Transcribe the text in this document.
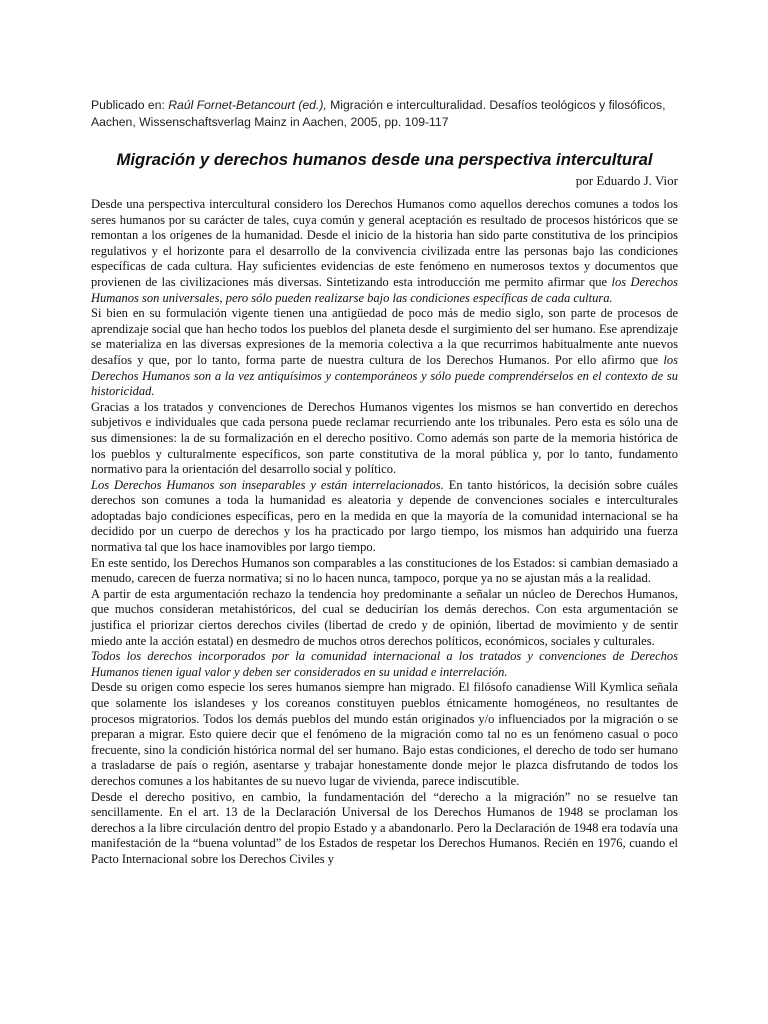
Publicado en: Raúl Fornet-Betancourt (ed.), Migración e interculturalidad. Desafíos teológicos y filosóficos, Aachen, Wissenschaftsverlag Mainz in Aachen, 2005, pp. 109-117

Migración y derechos humanos desde una perspectiva intercultural
por Eduardo J. Vior

Desde una perspectiva intercultural considero los Derechos Humanos como aquellos derechos comunes a todos los seres humanos por su carácter de tales, cuya común y general aceptación es resultado de procesos históricos que se remontan a los orígenes de la humanidad. Desde el inicio de la historia han sido parte constitutiva de los principios regulativos y el horizonte para el desarrollo de la convivencia civilizada entre las personas bajo las condiciones específicas de cada cultura. Hay suficientes evidencias de este fenómeno en numerosos textos y documentos que provienen de las civilizaciones más diversas. Sintetizando esta introducción me permito afirmar que los Derechos Humanos son universales, pero sólo pueden realizarse bajo las condiciones específicas de cada cultura.

Si bien en su formulación vigente tienen una antigüedad de poco más de medio siglo, son parte de procesos de aprendizaje social que han hecho todos los pueblos del planeta desde el surgimiento del ser humano. Ese aprendizaje se materializa en las diversas expresiones de la memoria colectiva a la que recurrimos habitualmente ante nuevos desafíos y que, por lo tanto, forma parte de nuestra cultura de los Derechos Humanos. Por ello afirmo que los Derechos Humanos son a la vez antiquísimos y contemporáneos y sólo puede comprendérselos en el contexto de su historicidad.

Gracias a los tratados y convenciones de Derechos Humanos vigentes los mismos se han convertido en derechos subjetivos e individuales que cada persona puede reclamar recurriendo ante los tribunales. Pero esta es sólo una de sus dimensiones: la de su formalización en el derecho positivo. Como además son parte de la memoria histórica de los pueblos y culturalmente específicos, son parte constitutiva de la moral pública y, por lo tanto, fundamento normativo para la orientación del desarrollo social y político.

Los Derechos Humanos son inseparables y están interrelacionados. En tanto históricos, la decisión sobre cuáles derechos son comunes a toda la humanidad es aleatoria y depende de convenciones sociales e interculturales adoptadas bajo condiciones específicas, pero en la medida en que la mayoría de la comunidad internacional se ha decidido por un cuerpo de derechos y los ha practicado por largo tiempo, los mismos han adquirido una fuerza normativa tal que los hace inamovibles por largo tiempo.

En este sentido, los Derechos Humanos son comparables a las constituciones de los Estados: si cambian demasiado a menudo, carecen de fuerza normativa; si no lo hacen nunca, tampoco, porque ya no se ajustan más a la realidad.

A partir de esta argumentación rechazo la tendencia hoy predominante a señalar un núcleo de Derechos Humanos, que muchos consideran metahistóricos, del cual se deducirían los demás derechos. Con esta argumentación se justifica el priorizar ciertos derechos civiles (libertad de credo y de opinión, libertad de movimiento y de sentir miedo ante la acción estatal) en desmedro de muchos otros derechos políticos, económicos, sociales y culturales.

Todos los derechos incorporados por la comunidad internacional a los tratados y convenciones de Derechos Humanos tienen igual valor y deben ser considerados en su unidad e interrelación.

Desde su origen como especie los seres humanos siempre han migrado. El filósofo canadiense Will Kymlica señala que solamente los islandeses y los coreanos constituyen pueblos étnicamente homogéneos, no resultantes de procesos migratorios. Todos los demás pueblos del mundo están originados y/o influenciados por la migración o se preparan a migrar. Esto quiere decir que el fenómeno de la migración como tal no es un fenómeno casual o poco frecuente, sino la condición histórica normal del ser humano. Bajo estas condiciones, el derecho de todo ser humano a trasladarse de país o región, asentarse y trabajar honestamente donde mejor le plazca disfrutando de todos los derechos comunes a los habitantes de su nuevo lugar de vivienda, parece indiscutible.

Desde el derecho positivo, en cambio, la fundamentación del “derecho a la migración” no se resuelve tan sencillamente. En el art. 13 de la Declaración Universal de los Derechos Humanos de 1948 se proclaman los derechos a la libre circulación dentro del propio Estado y a abandonarlo. Pero la Declaración de 1948 era todavía una manifestación de la “buena voluntad” de los Estados de respetar los Derechos Humanos. Recién en 1976, cuando el Pacto Internacional sobre los Derechos Civiles y
